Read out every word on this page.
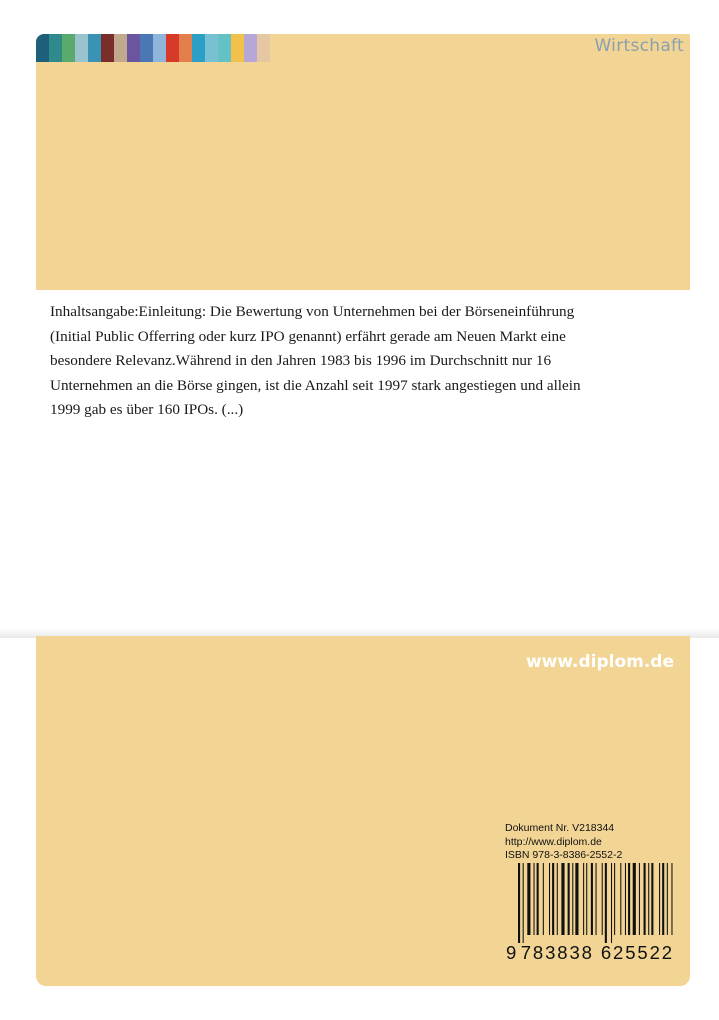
Wirtschaft
Inhaltsangabe:Einleitung: Die Bewertung von Unternehmen bei der Börseneinführung (Initial Public Offerring oder kurz IPO genannt) erfährt gerade am Neuen Markt eine besondere Relevanz.Während in den Jahren 1983 bis 1996 im Durchschnitt nur 16 Unternehmen an die Börse gingen, ist die Anzahl seit 1997 stark angestiegen und allein 1999 gab es über 160 IPOs. (...)
www.diplom.de
Dokument Nr. V218344
http://www.diplom.de
ISBN 978-3-8386-2552-2
9 783838 625522
